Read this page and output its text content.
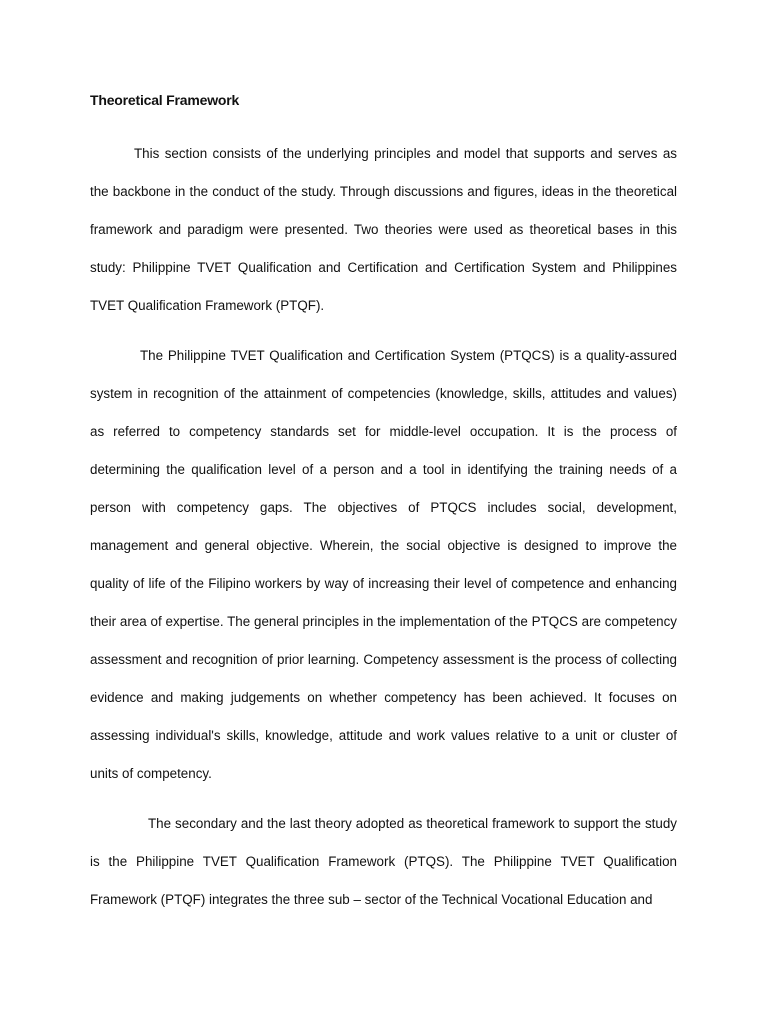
Theoretical Framework

This section consists of the underlying principles and model that supports and serves as the backbone in the conduct of the study. Through discussions and figures, ideas in the theoretical framework and paradigm were presented. Two theories were used as theoretical bases in this study: Philippine TVET Qualification and Certification and Certification System and Philippines TVET Qualification Framework (PTQF).

The Philippine TVET Qualification and Certification System (PTQCS) is a quality-assured system in recognition of the attainment of competencies (knowledge, skills, attitudes and values) as referred to competency standards set for middle-level occupation. It is the process of determining the qualification level of a person and a tool in identifying the training needs of a person with competency gaps. The objectives of PTQCS includes social, development, management and general objective. Wherein, the social objective is designed to improve the quality of life of the Filipino workers by way of increasing their level of competence and enhancing their area of expertise. The general principles in the implementation of the PTQCS are competency assessment and recognition of prior learning. Competency assessment is the process of collecting evidence and making judgements on whether competency has been achieved. It focuses on assessing individual's skills, knowledge, attitude and work values relative to a unit or cluster of units of competency.

The secondary and the last theory adopted as theoretical framework to support the study is the Philippine TVET Qualification Framework (PTQS). The Philippine TVET Qualification Framework (PTQF) integrates the three sub – sector of the Technical Vocational Education and
